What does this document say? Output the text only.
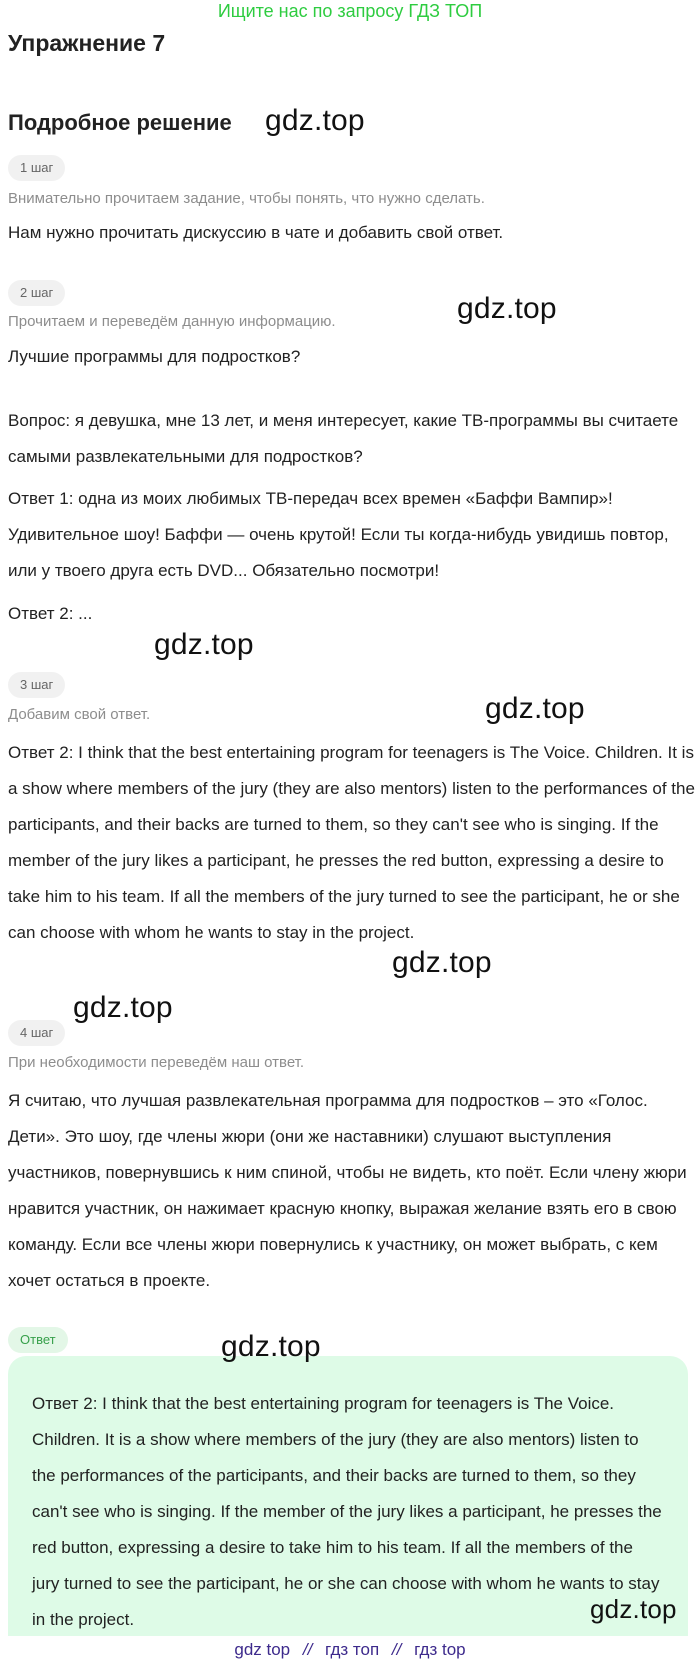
Ищите нас по запросу ГДЗ ТОП
Упражнение 7
Подробное решение
1 шаг
Внимательно прочитаем задание, чтобы понять, что нужно сделать.

Нам нужно прочитать дискуссию в чате и добавить свой ответ.

2 шаг
Прочитаем и переведём данную информацию.

Лучшие программы для подростков?

Вопрос: я девушка, мне 13 лет, и меня интересует, какие ТВ-программы вы считаете самыми развлекательными для подростков?

Ответ 1: одна из моих любимых ТВ-передач всех времен «Баффи Вампир»! Удивительное шоу! Баффи — очень крутой! Если ты когда-нибудь увидишь повтор, или у твоего друга есть DVD... Обязательно посмотри!

Ответ 2: ...

3 шаг
Добавим свой ответ.

Ответ 2: I think that the best entertaining program for teenagers is The Voice. Children. It is a show where members of the jury (they are also mentors) listen to the performances of the participants, and their backs are turned to them, so they can't see who is singing. If the member of the jury likes a participant, he presses the red button, expressing a desire to take him to his team. If all the members of the jury turned to see the participant, he or she can choose with whom he wants to stay in the project.

4 шаг
При необходимости переведём наш ответ.

Я считаю, что лучшая развлекательная программа для подростков – это «Голос. Дети». Это шоу, где члены жюри (они же наставники) слушают выступления участников, повернувшись к ним спиной, чтобы не видеть, кто поёт. Если члену жюри нравится участник, он нажимает красную кнопку, выражая желание взять его в свою команду. Если все члены жюри повернулись к участнику, он может выбрать, с кем хочет остаться в проекте.

Ответ

Ответ 2: I think that the best entertaining program for teenagers is The Voice. Children. It is a show where members of the jury (they are also mentors) listen to the performances of the participants, and their backs are turned to them, so they can't see who is singing. If the member of the jury likes a participant, he presses the red button, expressing a desire to take him to his team. If all the members of the jury turned to see the participant, he or she can choose with whom he wants to stay in the project.

gdz.top
gdz.top
gdz.top
gdz.top
gdz.top
gdz.top
gdz.top
gdz.top
gdz top // гдз топ // гдз top
